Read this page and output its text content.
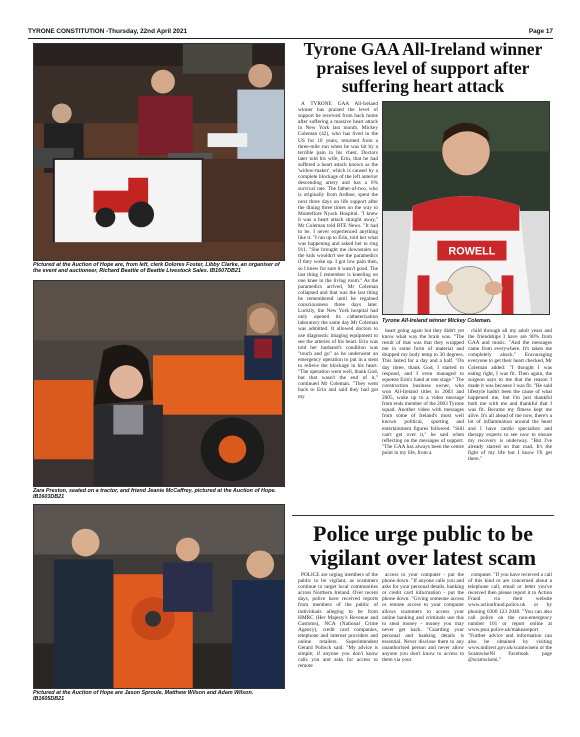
TYRONE CONSTITUTION -Thursday, 22nd April 2021	Page 17
Pictured at the Auction of Hope are, from left, clerk Dolores Foster, Libby Clarke, an organiser of the event and auctioneer, Richard Beattie of Beattie Livestock Sales. IB1607DB21
Zara Preston, seated on a tractor, and friend Jeanie McCaffrey, pictured at the Auction of Hope. IB1603DB21
Pictured at the Auction of Hope are Jason Sproule, Matthew Wilson and Adam Wilson. IB1605DB21
Tyrone GAA All-Ireland winner praises level of support after suffering heart attack

A TYRONE GAA All-Ireland winner has praised the level of support he received from back home after suffering a massive heart attack in New York last month. Mickey Coleman (42), who has lived in the US for 10 years, returned from a three-mile run when he was hit by a terrible pain in his chest. Doctors later told his wife, Erin, that he had suffered a heart attack known as the 'widow-maker', which is caused by a complete blockage of the left anterior descending artery and has a 6% survival rate. The father-of-two, who is originally from Ardboe, spent the next three days on life support after the dining three times on the way to Montefiore Nyack Hospital. "I knew it was a heart attack straight away," Mr Coleman told RTE News. "It had to be. I never experienced anything like it. "I ran up to Erin, told her what was happening and asked her to ring 911. "She brought me downstairs so the kids wouldn't see the paramedics if they woke up. I got low pain then, so I knew for sure it wasn't good. The last thing I remember is kneeling on one knee in the living room." As the paramedics arrived, Mr Coleman collapsed and that was the last thing he remembered until he regained consciousness three days later. Luckily, the New York hospital had only opened its catheterisation laboratory the same day Mr Coleman was admitted. It allowed doctors to use diagnostic imaging equipment to see the arteries of his heart. Erin was told her husband's condition was "touch and go" as he underwent an emergency operation to put in a stent to relieve the blockage in his heart. "The operation went well, thank God, but that wasn't the end of it," continued Mr Coleman. "They went back to Erin and said they had got my

ROWELL
Tyrone All-Ireland winner Mickey Coleman.

heart going again but they didn't yet know what way the brain was. "The result of that was that they wrapped me in some form of material and dropped my body temp to 30 degrees. This lasted for a day and a half. "On day three, thank God, I started to respond, and I even managed to squeeze Erin's hand at one stage." The construction business owner, who won All-Ireland titles in 2003 and 2005, woke up to a video message from ends member of the 2003 Tyrone squad. Another video with messages from some of Ireland's most well known political, sporting and entertainment figures followed. "Still can't get over it," he said when reflecting on the messages of support. "The GAA has always been the centre point in my life, from a

child through all my adult years and the friendships I have are 90% from GAA and music. "And the messages came from everywhere. It's taken me completely aback." Encouraging everyone to get their heart checked, Mr Coleman added: "I thought I was eating right, I was fit. Then again, the surgeon says to me that the reason I made it was because I was fit. "He said lifestyle hadn't been the cause of what happened me, but I'm just thankful both me with me and thankful that I was fit. Became my fitness kept me alive. It's all ahead of me now, there's a lot of inflammation around the heart and I have cardio specialists and therapy experts to see now to ensure my recovery is underway. "But I've already started on that road. It's the fight of my life but I know I'll get there."

Police urge public to be vigilant over latest scam

POLICE are urging members of the public to be vigilant, as scammers continue to target local communities across Northern Ireland. Over recent days, police have received reports from members of the public of individuals alleging to be from HMRC (Her Majesty's Revenue and Customs), NCA (National Crime Agency), credit card companies, telephone and internet providers and online retailers. Superintendent Gerard Pollock said: "My advice is simple; if anyone you don't know calls you and asks for access to remote

access to your computer - put the phone down. "If anyone calls you and asks for your personal details, banking or credit card information - put the phone down. "Giving someone access or remote access to your computer allows scammers to access your online banking and criminals use this to steal money - money you may never get back. "Guarding your personal and banking details is essential. Never disclose them to any unauthorised person and never allow anyone you don't know to access to them via your

computer. "If you have received a call of this kind or are concerned about a telephone call, email or letter you've received then please report it to Action Fraud via their website www.actionfraud.police.uk or by phoning 0300 123 2040. "You can also call police on the non-emergency number 101 or report online at www.psni.police.uk/makeareport "Further advice and information can also be obtained by visiting www.nidirect.gov.uk/scamwiseni or the ScamwiseNI Facebook page @scamwiseni."
